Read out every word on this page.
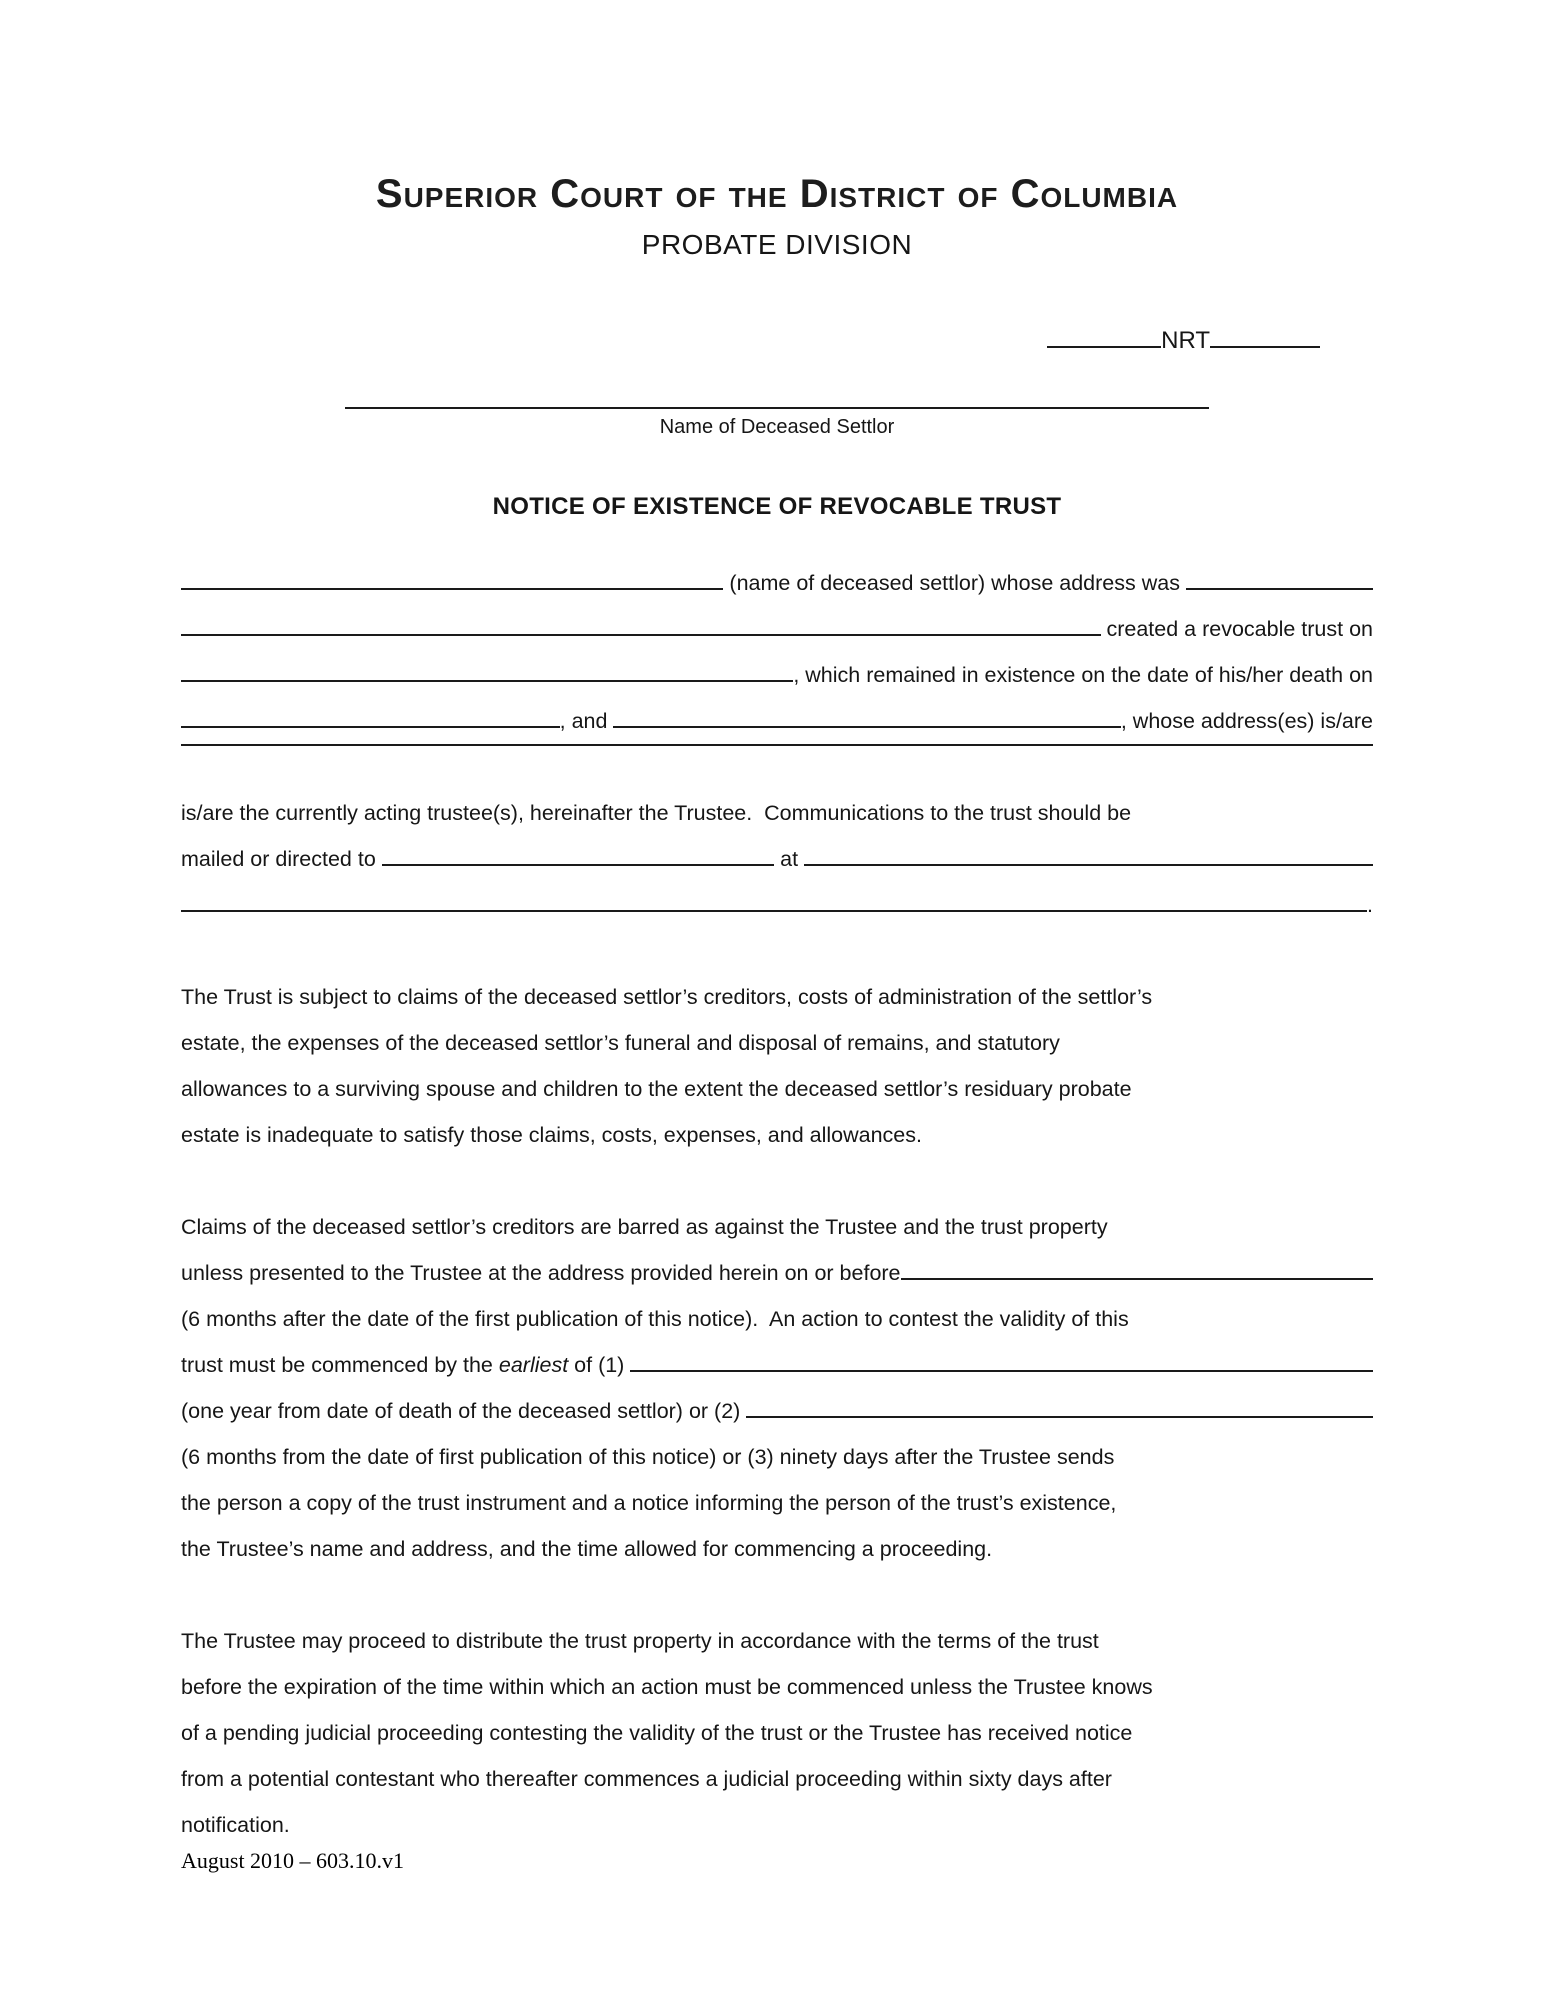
Superior Court of the District of Columbia
PROBATE DIVISION
NRT
Name of Deceased Settlor
NOTICE OF EXISTENCE OF REVOCABLE TRUST
(name of deceased settlor) whose address was
created a revocable trust on
, which remained in existence on the date of his/her death on
, and	, whose address(es) is/are
is/are the currently acting trustee(s), hereinafter the Trustee.  Communications to the trust should be
mailed or directed to	at
.
The Trust is subject to claims of the deceased settlor’s creditors, costs of administration of the settlor’s
estate, the expenses of the deceased settlor’s funeral and disposal of remains, and statutory
allowances to a surviving spouse and children to the extent the deceased settlor’s residuary probate
estate is inadequate to satisfy those claims, costs, expenses, and allowances.
Claims of the deceased settlor’s creditors are barred as against the Trustee and the trust property
unless presented to the Trustee at the address provided herein on or before
(6 months after the date of the first publication of this notice).  An action to contest the validity of this
trust must be commenced by the earliest of (1)
(one year from date of death of the deceased settlor) or (2)
(6 months from the date of first publication of this notice) or (3) ninety days after the Trustee sends
the person a copy of the trust instrument and a notice informing the person of the trust’s existence,
the Trustee’s name and address, and the time allowed for commencing a proceeding.
The Trustee may proceed to distribute the trust property in accordance with the terms of the trust
before the expiration of the time within which an action must be commenced unless the Trustee knows
of a pending judicial proceeding contesting the validity of the trust or the Trustee has received notice
from a potential contestant who thereafter commences a judicial proceeding within sixty days after
notification.
August 2010 – 603.10.v1
